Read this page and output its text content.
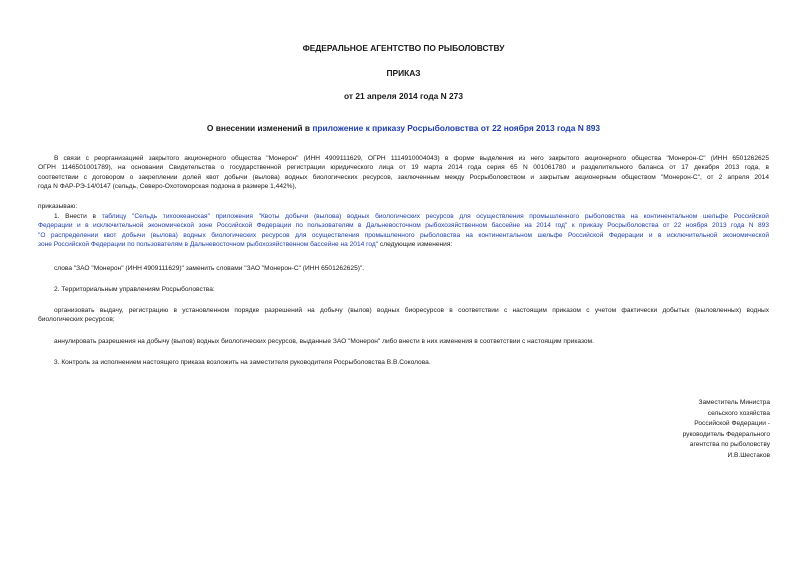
ФЕДЕРАЛЬНОЕ АГЕНТСТВО ПО РЫБОЛОВСТВУ
ПРИКАЗ
от 21 апреля 2014 года N 273
О внесении изменений в приложение к приказу Росрыболовства от 22 ноября 2013 года N 893
В связи с реорганизацией закрытого акционерного общества "Монерон" (ИНН 4909111629, ОГРН 1114910004043) в форме выделения из него закрытого акционерного общества "Монерон-С" (ИНН 6501262625
ОГРН 1146501001789), на основании Свидетельства о государственной регистрации юридического лица от 19 марта 2014 года серия 65 N 001061780 и разделительного баланса от 17 декабря 2013 года, в
соответствии с договором о закреплении долей квот добычи (вылова) водных биологических ресурсов, заключенным между Росрыболовством и закрытым акционерным обществом "Монерон-С", от 2 апреля 2014
года N ФАР-РЭ-14/0147 (сельдь, Северо-Охотоморская подзона в размере 1,442%),
приказываю:
1. Внести в таблицу "Сельдь тихоокеанская" приложения "Квоты добычи (вылова) водных биологических ресурсов для осуществления промышленного рыболовства на континентальном шельфе Российской
Федерации и в исключительной экономической зоне Российской Федерации по пользователям в Дальневосточном рыбохозяйственном бассейне на 2014 год" к приказу Росрыболовства от 22 ноября 2013 года N 893
"О распределении квот добычи (вылова) водных биологических ресурсов для осуществления промышленного рыболовства на континентальном шельфе Российской Федерации и в исключительной экономической
зоне Российской Федерации по пользователям в Дальневосточном рыбохозяйственном бассейне на 2014 год" следующие изменения:
слова "ЗАО "Монерон" (ИНН 4909111629)" заменить словами "ЗАО "Монерон-С" (ИНН 6501262625)".
2. Территориальным управлениям Росрыболовства:
организовать выдачу, регистрацию в установленном порядке разрешений на добычу (вылов) водных биоресурсов в соответствии с настоящим приказом с учетом фактически добытых (выловленных) водных
биологических ресурсов;
аннулировать разрешения на добычу (вылов) водных биологических ресурсов, выданные ЗАО "Монерон" либо внести в них изменения в соответствии с настоящим приказом.
3. Контроль за исполнением настоящего приказа возложить на заместителя руководителя Росрыболовства В.В.Соколова.
Заместитель Министра
сельского хозяйства
Российской Федерации -
руководитель Федерального
агентства по рыболовству
И.В.Шестаков
